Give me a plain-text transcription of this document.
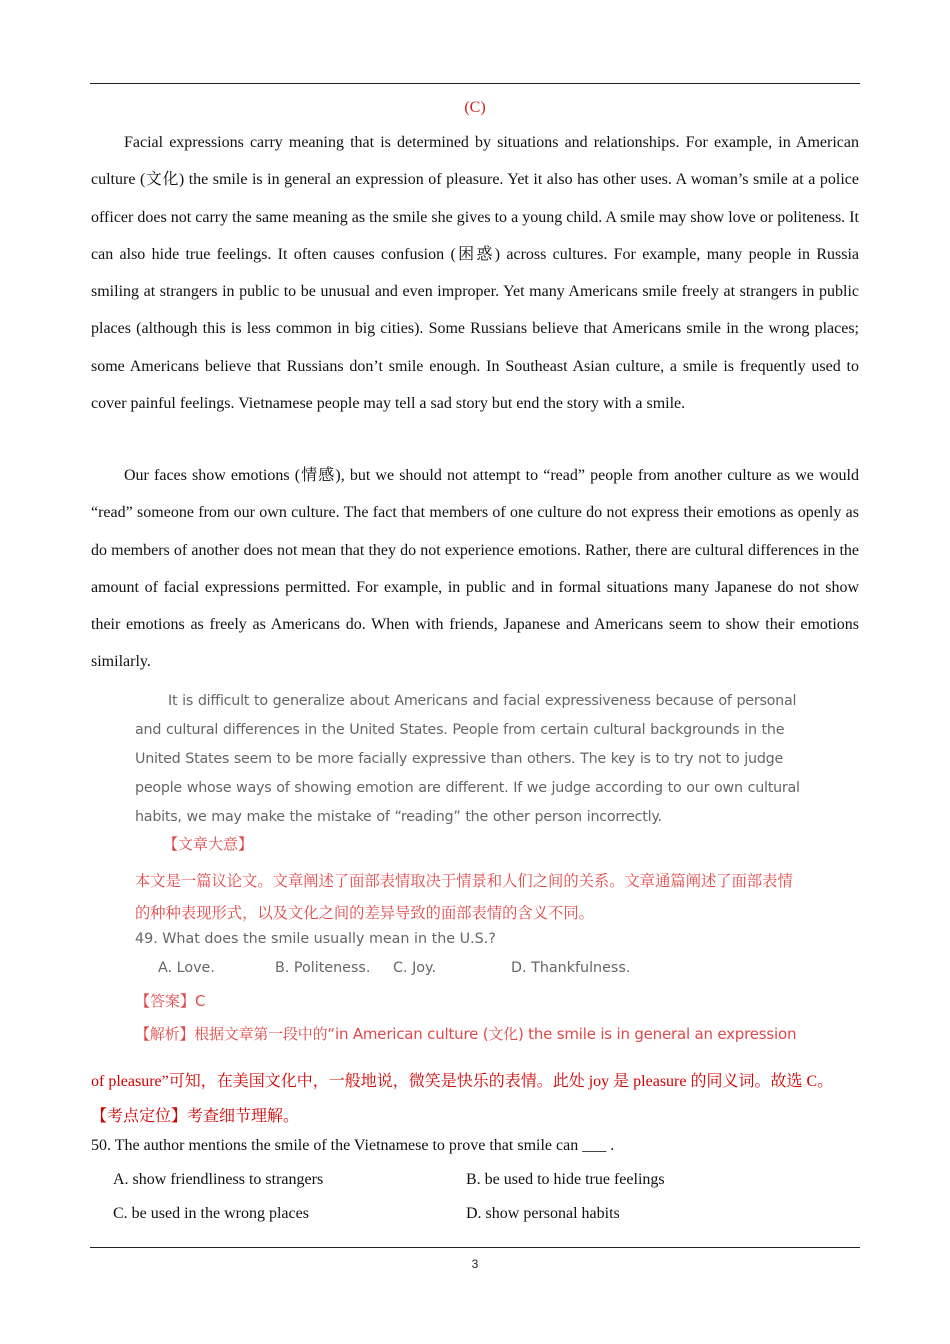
(C)

Facial expressions carry meaning that is determined by situations and relationships. For example, in American culture (文化) the smile is in general an expression of pleasure. Yet it also has other uses. A woman’s smile at a police officer does not carry the same meaning as the smile she gives to a young child. A smile may show love or politeness. It can also hide true feelings. It often causes confusion (困惑) across cultures. For example, many people in Russia smiling at strangers in public to be unusual and even improper. Yet many Americans smile freely at strangers in public places (although this is less common in big cities). Some Russians believe that Americans smile in the wrong places; some Americans believe that Russians don’t smile enough. In Southeast Asian culture, a smile is frequently used to cover painful feelings. Vietnamese people may tell a sad story but end the story with a smile.

Our faces show emotions (情感), but we should not attempt to “read” people from another culture as we would “read” someone from our own culture. The fact that members of one culture do not express their emotions as openly as do members of another does not mean that they do not experience emotions. Rather, there are cultural differences in the amount of facial expressions permitted. For example, in public and in formal situations many Japanese do not show their emotions as freely as Americans do. When with friends, Japanese and Americans seem to show their emotions similarly.

It is difficult to generalize about Americans and facial expressiveness because of personal and cultural differences in the United States. People from certain cultural backgrounds in the United States seem to be more facially expressive than others. The key is to try not to judge people whose ways of showing emotion are different. If we judge according to our own cultural habits, we may make the mistake of “reading” the other person incorrectly.

【文章大意】

本文是一篇议论文。文章阐述了面部表情取决于情景和人们之间的关系。文章通篇阐述了面部表情的种种表现形式，以及文化之间的差异导致的面部表情的含义不同。

49. What does the smile usually mean in the U.S.?
A. Love.	B. Politeness. C. Joy.	D. Thankfulness.
【答案】C
【解析】根据文章第一段中的“in American culture (文化) the smile is in general an expression
of pleasure”可知，在美国文化中，一般地说，微笑是快乐的表情。此处 joy 是 pleasure 的同义词。故选 C。
【考点定位】考查细节理解。
50. The author mentions the smile of the Vietnamese to prove that smile can ___ .
A. show friendliness to strangers	B. be used to hide true feelings
C. be used in the wrong places	D. show personal habits
3
